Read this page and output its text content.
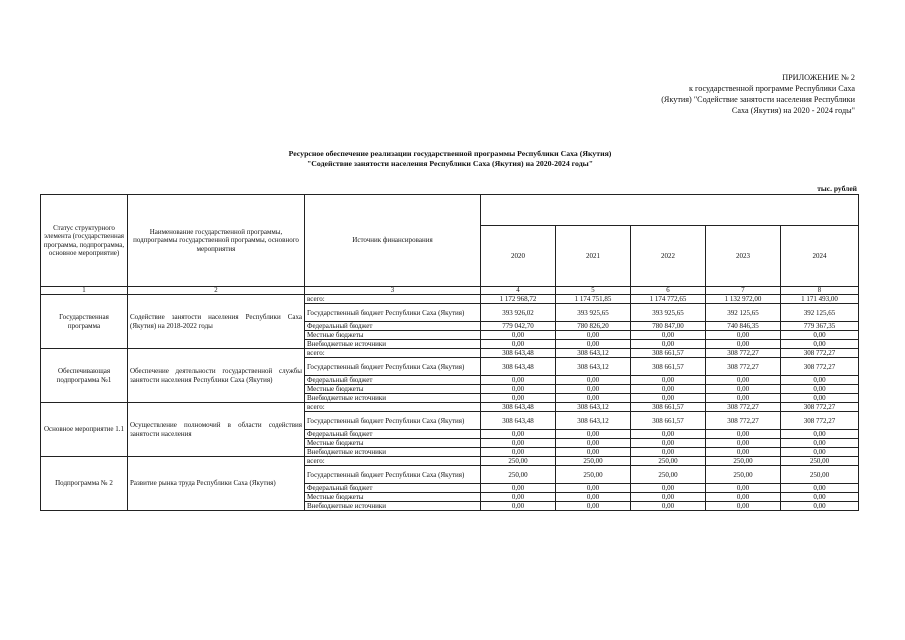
ПРИЛОЖЕНИЕ № 2
к государственной программе Республики Саха
(Якутия) "Содействие занятости населения Республики
Саха (Якутия) на 2020 - 2024 годы"
Ресурсное обеспечение реализации государственной программы Республики Саха (Якутия)
"Содействие занятости населения Республики Саха (Якутия) на 2020-2024 годы"
тыс. рублей
Статус структурного элемента (государственная программа, подпрограмма, основное мероприятие)	Наименование государственной программы, подпрограммы государственной программы, основного мероприятия	Источник финансирования					
			2020	2021	2022	2023	2024
1	2	3	4	5	6	7	8
Государственная программа	Содействие занятости населения Республики Саха (Якутия) на 2018-2022 годы	всего:	1 172 968,72	1 174 751,85	1 174 772,65	1 132 972,00	1 171 493,00
		Государственный бюджет Республики Саха (Якутия)	393 926,02	393 925,65	393 925,65	392 125,65	392 125,65
		Федеральный бюджет	779 042,70	780 826,20	780 847,00	740 846,35	779 367,35
		Местные бюджеты	0,00	0,00	0,00	0,00	0,00
		Внебюджетные источники	0,00	0,00	0,00	0,00	0,00
Обеспечивающая подпрограмма №1	Обеспечение деятельности государственной службы занятости населения Республики Саха (Якутия)	всего:	308 643,48	308 643,12	308 661,57	308 772,27	308 772,27
		Государственный бюджет Республики Саха (Якутия)	308 643,48	308 643,12	308 661,57	308 772,27	308 772,27
		Федеральный бюджет	0,00	0,00	0,00	0,00	0,00
		Местные бюджеты	0,00	0,00	0,00	0,00	0,00
		Внебюджетные источники	0,00	0,00	0,00	0,00	0,00
Основное мероприятие 1.1	Осуществление полномочий в области содействия занятости населения	всего:	308 643,48	308 643,12	308 661,57	308 772,27	308 772,27
		Государственный бюджет Республики Саха (Якутия)	308 643,48	308 643,12	308 661,57	308 772,27	308 772,27
		Федеральный бюджет	0,00	0,00	0,00	0,00	0,00
		Местные бюджеты	0,00	0,00	0,00	0,00	0,00
		Внебюджетные источники	0,00	0,00	0,00	0,00	0,00
Подпрограмма № 2	Развитие рынка труда Республики Саха (Якутия)	всего:	250,00	250,00	250,00	250,00	250,00
		Государственный бюджет Республики Саха (Якутия)	250,00	250,00	250,00	250,00	250,00
		Федеральный бюджет	0,00	0,00	0,00	0,00	0,00
		Местные бюджеты	0,00	0,00	0,00	0,00	0,00
		Внебюджетные источники	0,00	0,00	0,00	0,00	0,00
